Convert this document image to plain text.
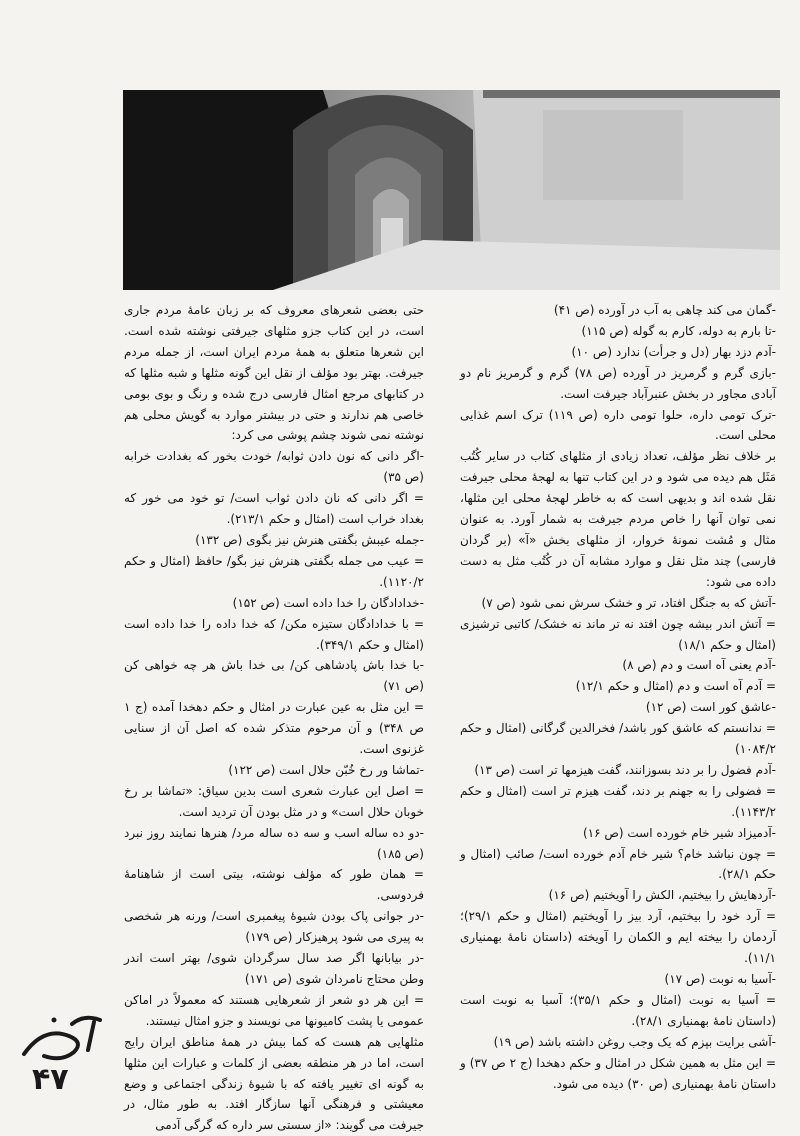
-گمان می کند چاهی به آب در آورده (ص ۴۱)

-تا بارم به دوله، کارم به گوله (ص ۱۱۵)

-آدم دزد بهار (دل و جرأت) ندارد (ص ۱۰)

-بازی گرم و گرمریز در آورده (ص ۷۸) گرم و گرمریز نام دو آبادی مجاور در بخش عنبرآباد جیرفت است.

-ترک تومی داره، حلوا تومی داره (ص ۱۱۹) ترک اسم غذایی محلی است.

بر خلاف نظر مؤلف، تعداد زیادی از مثلهای کتاب در سایر کُتُب مَثَل هم دیده می شود و در این کتاب تنها به لهجهٔ محلی جیرفت نقل شده اند و بدیهی است که به خاطر لهجهٔ محلی این مثلها، نمی توان آنها را خاص مردم جیرفت به شمار آورد. به عنوان مثال و مُشت نمونهٔ خروار، از مثلهای بخش «آ» (بر گردان فارسی) چند مثل نقل و موارد مشابه آن در کُتُب مثل به دست داده می شود:

-آتش که به جنگل افتاد، تر و خشک سرش نمی شود (ص ۷)

= آتش اندر بیشه چون افتد نه تر ماند نه خشک/ کاتبی ترشیزی (امثال و حکم ۱۸/۱)

-آدم یعنی آه است و دم (ص ۸)

= آدم آه است و دم (امثال و حکم ۱۲/۱)

-عاشق کور است (ص ۱۲)

= ندانستم که عاشق کور باشد/ فخرالدین گرگانی (امثال و حکم ۱۰۸۴/۲)

-آدم فضول را بر دند بسوزانند، گفت هیزمها تر است (ص ۱۳)

= فضولی را به جهنم بر دند، گفت هیزم تر است (امثال و حکم ۱۱۴۳/۲).

-آدمیزاد شیر خام خورده است (ص ۱۶)

= چون نباشد خام؟ شیر خام آدم خورده است/ صائب (امثال و حکم ۲۸/۱).

-آردهایش را بیختیم، الکش را آویختیم (ص ۱۶)

= آرد خود را بیختیم، آرد بیز را آویختیم (امثال و حکم ۲۹/۱)؛ آردمان را بیخته ایم و الکمان را آویخته (داستان نامهٔ بهمنیاری ۱۱/۱).

-آسیا به نوبت (ص ۱۷)

= آسیا به نوبت (امثال و حکم ۳۵/۱)؛ آسیا به نوبت است (داستان نامهٔ بهمنیاری ۲۸/۱).

-آشی برایت بپزم که یک وجب روغن داشته باشد (ص ۱۹)

= این مثل به همین شکل در امثال و حکم دهخدا (ج ۲ ص ۳۷) و داستان نامهٔ بهمنیاری (ص ۳۰) دیده می شود.

حتی بعضی شعرهای معروف که بر زبان عامهٔ مردم جاری است، در این کتاب جزو مثلهای جیرفتی نوشته شده است. این شعرها متعلق به همهٔ مردم ایران است، از جمله مردم جیرفت. بهتر بود مؤلف از نقل این گونه مثلها و شبه مثلها که در کتابهای مرجع امثال فارسی درج شده و رنگ و بوی بومی خاصی هم ندارند و حتی در بیشتر موارد به گویش محلی هم نوشته نمی شوند چشم پوشی می کرد:

-اگر دانی که نون دادن ثوابه/ خودت بخور که بغدادت خرابه (ص ۳۵)

= اگر دانی که نان دادن ثواب است/ تو خود می خور که بغداد خراب است (امثال و حکم ۲۱۳/۱).

-جمله عیبش بگفتی هنرش نیز بگوی (ص ۱۳۲)

= عیب می جمله بگفتی هنرش نیز بگو/ حافظ (امثال و حکم ۱۱۲۰/۲).

-خدادادگان را خدا داده است (ص ۱۵۲)

= با خدادادگان ستیزه مکن/ که خدا داده را خدا داده است (امثال و حکم ۳۴۹/۱).

-با خدا باش پادشاهی کن/ بی خدا باش هر چه خواهی کن (ص ۷۱)

= این مثل به عین عبارت در امثال و حکم دهخدا آمده (ج ۱ ص ۳۴۸) و آن مرحوم متذکر شده که اصل آن از سنایی غزنوی است.

-تماشا ور رخ خُبّن حلال است (ص ۱۲۲)

= اصل این عبارت شعری است بدین سیاق: «تماشا بر رخ خوبان حلال است» و در مثل بودن آن تردید است.

-دو ده ساله اسب و سه ده ساله مرد/ هنرها نمایند روز نبرد (ص ۱۸۵)

= همان طور که مؤلف نوشته، بیتی است از شاهنامهٔ فردوسی.

-در جوانی پاک بودن شیوهٔ پیغمبری است/ ورنه هر شخصی به پیری می شود پرهیزکار (ص ۱۷۹)

-در بیابانها اگر صد سال سرگردان شوی/ بهتر است اندر وطن محتاج نامردان شوی (ص ۱۷۱)

= این هر دو شعر از شعرهایی هستند که معمولاً در اماکن عمومی یا پشت کامیونها می نویسند و جزو امثال نیستند.

مثلهایی هم هست که کما بیش در همهٔ مناطق ایران رایج است، اما در هر منطقه بعضی از کلمات و عبارات این مثلها به گونه ای تغییر یافته که با شیوهٔ زندگی اجتماعی و وضع معیشتی و فرهنگی آنها سازگار افتد. به طور مثال، در جیرفت می گویند: «از سستی سر داره که گرگی آدمی

۴۷
